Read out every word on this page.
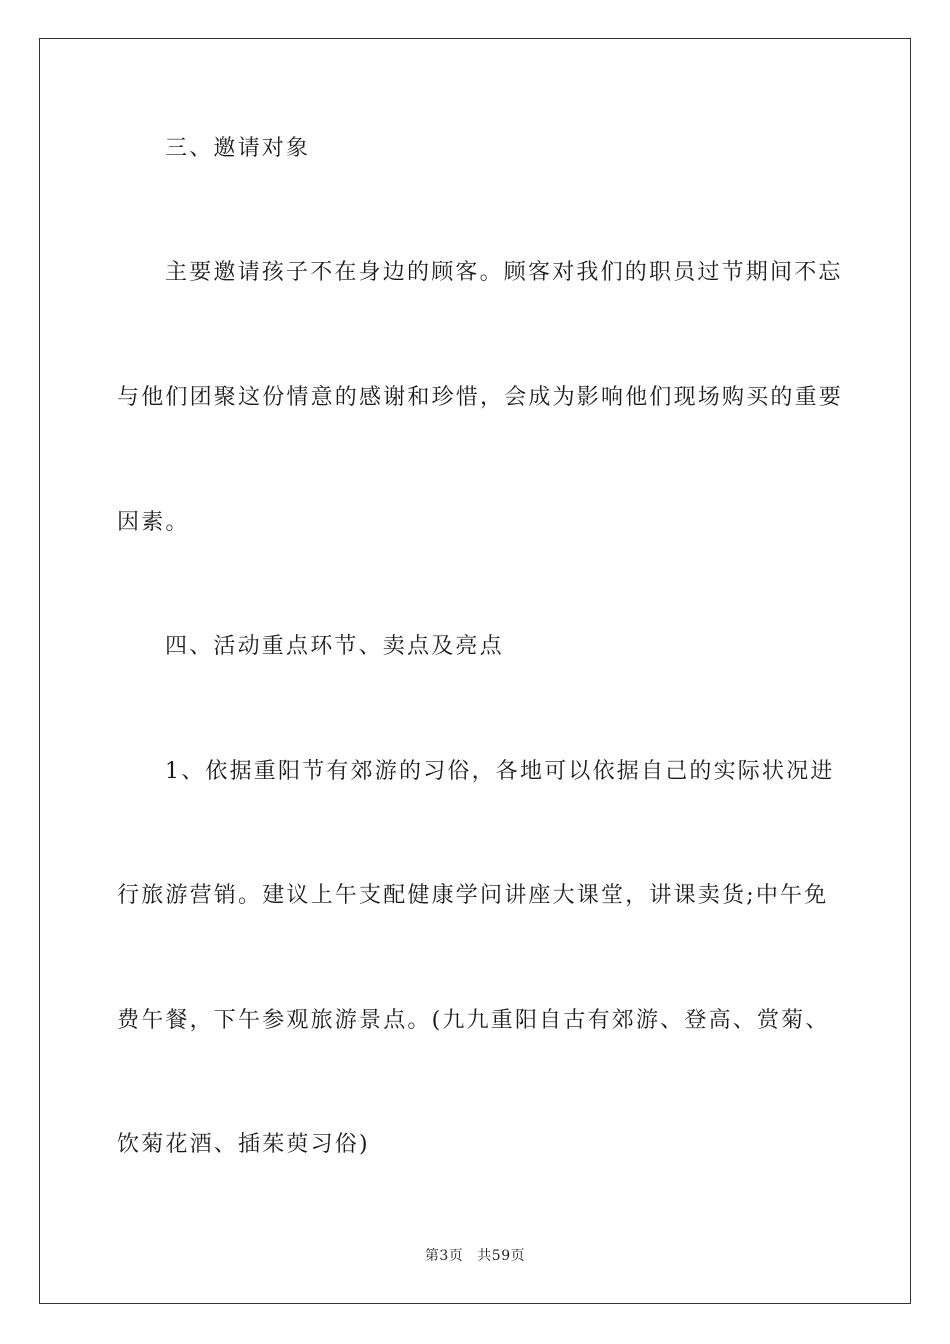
三、邀请对象
主要邀请孩子不在身边的顾客。顾客对我们的职员过节期间不忘
与他们团聚这份情意的感谢和珍惜，会成为影响他们现场购买的重要
因素。
四、活动重点环节、卖点及亮点
1、依据重阳节有郊游的习俗，各地可以依据自己的实际状况进
行旅游营销。建议上午支配健康学问讲座大课堂，讲课卖货;中午免
费午餐，下午参观旅游景点。(九九重阳自古有郊游、登高、赏菊、
饮菊花酒、插茱萸习俗)
第3页 共59页
